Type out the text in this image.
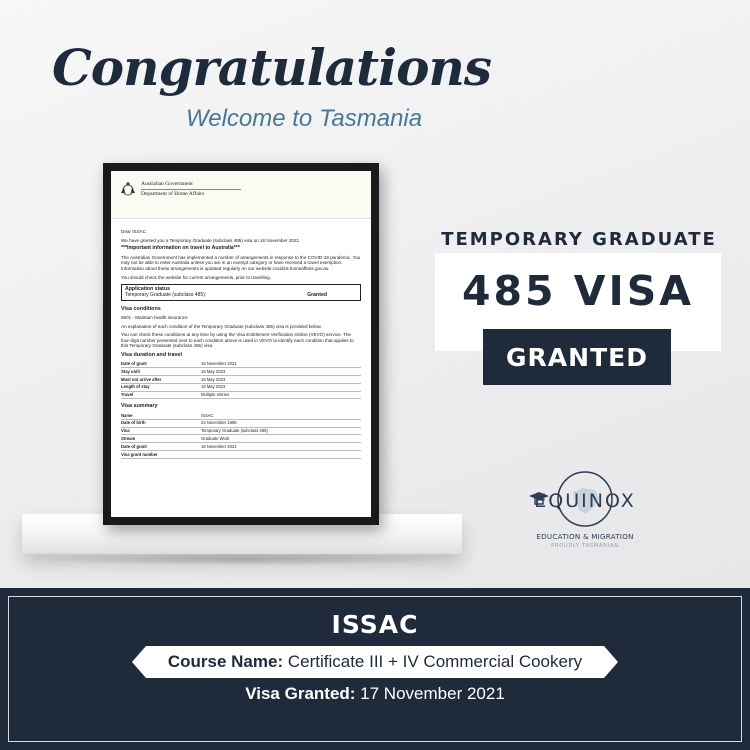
Congratulations
Welcome to Tasmania
Australian Government
Department of Home Affairs

Dear ISSAC

We have granted you a Temporary Graduate (subclass 485) visa on 16 November 2021.

***Important information on travel to Australia***

The Australian Government has implemented a number of arrangements in response to the COVID-19 pandemic. You may not be able to enter Australia unless you are in an exempt category or have received a travel exemption. Information about these arrangements is updated regularly on our website covid19.homeaffairs.gov.au

You should check the website for current arrangements, prior to travelling.

Application status
Temporary Graduate (subclass 485):	Granted
Visa conditions

8501 - Maintain health insurance

An explanation of each condition of the Temporary Graduate (subclass 485) visa is provided below.

You can check these conditions at any time by using the Visa Entitlement Verification Online (VEVO) service. The four-digit number presented next to each condition above is used in VEVO to identify each condition that applies to this Temporary Graduate (subclass 485) visa.

Visa duration and travel
Date of grant	16 November 2021
Stay until	16 May 2023
Must not arrive after	16 May 2023
Length of stay	16 May 2023
Travel	Multiple entries
Visa summary
Name	ISSAC
Date of birth	24 November 1998
Visa	Temporary Graduate (subclass 485)
Stream	Graduate Work
Date of grant	16 November 2021
Visa grant number	
TEMPORARY GRADUATE
485 VISA
GRANTED
EQUINOX
EDUCATION & MIGRATION
PROUDLY TASMANIAN
ISSAC
Course Name: Certificate III + IV Commercial Cookery
Visa Granted: 17 November 2021
